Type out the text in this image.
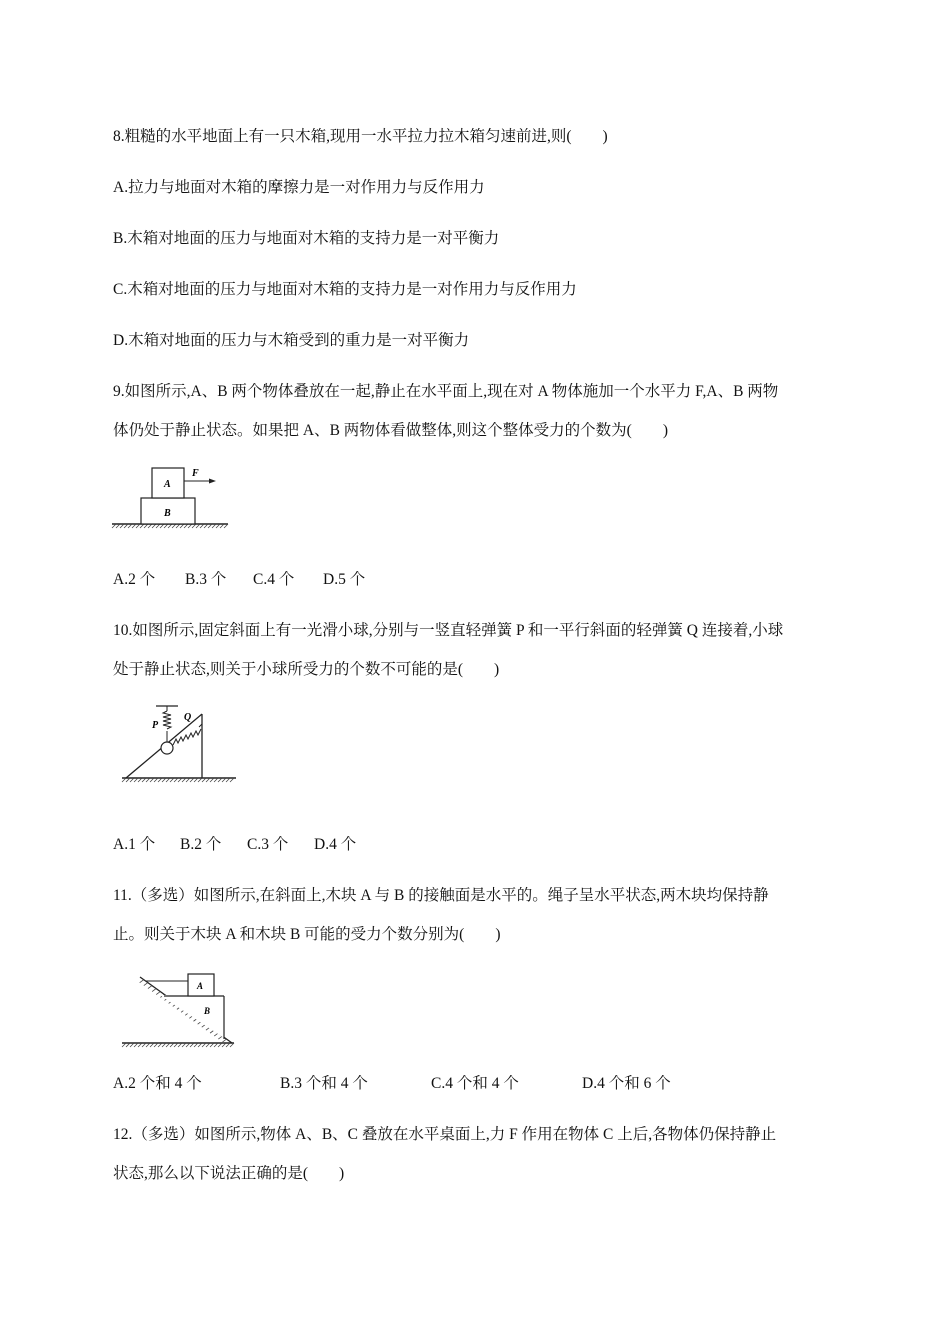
8.粗糙的水平地面上有一只木箱,现用一水平拉力拉木箱匀速前进,则(　　)
A.拉力与地面对木箱的摩擦力是一对作用力与反作用力
B.木箱对地面的压力与地面对木箱的支持力是一对平衡力
C.木箱对地面的压力与地面对木箱的支持力是一对作用力与反作用力
D.木箱对地面的压力与木箱受到的重力是一对平衡力
9.如图所示,A、B 两个物体叠放在一起,静止在水平面上,现在对 A 物体施加一个水平力 F,A、B 两物
体仍处于静止状态。如果把 A、B 两物体看做整体,则这个整体受力的个数为(　　)
A
B
F
A.2 个 B.3 个 C.4 个 D.5 个
10.如图所示,固定斜面上有一光滑小球,分别与一竖直轻弹簧 P 和一平行斜面的轻弹簧 Q 连接着,小球
处于静止状态,则关于小球所受力的个数不可能的是(　　)
P
Q
A.1 个 B.2 个 C.3 个 D.4 个
11.（多选）如图所示,在斜面上,木块 A 与 B 的接触面是水平的。绳子呈水平状态,两木块均保持静
止。则关于木块 A 和木块 B 可能的受力个数分别为(　　)
A
B
A.2 个和 4 个	B.3 个和 4 个	C.4 个和 4 个	D.4 个和 6 个
12.（多选）如图所示,物体 A、B、C 叠放在水平桌面上,力 F 作用在物体 C 上后,各物体仍保持静止
状态,那么以下说法正确的是(　　)
